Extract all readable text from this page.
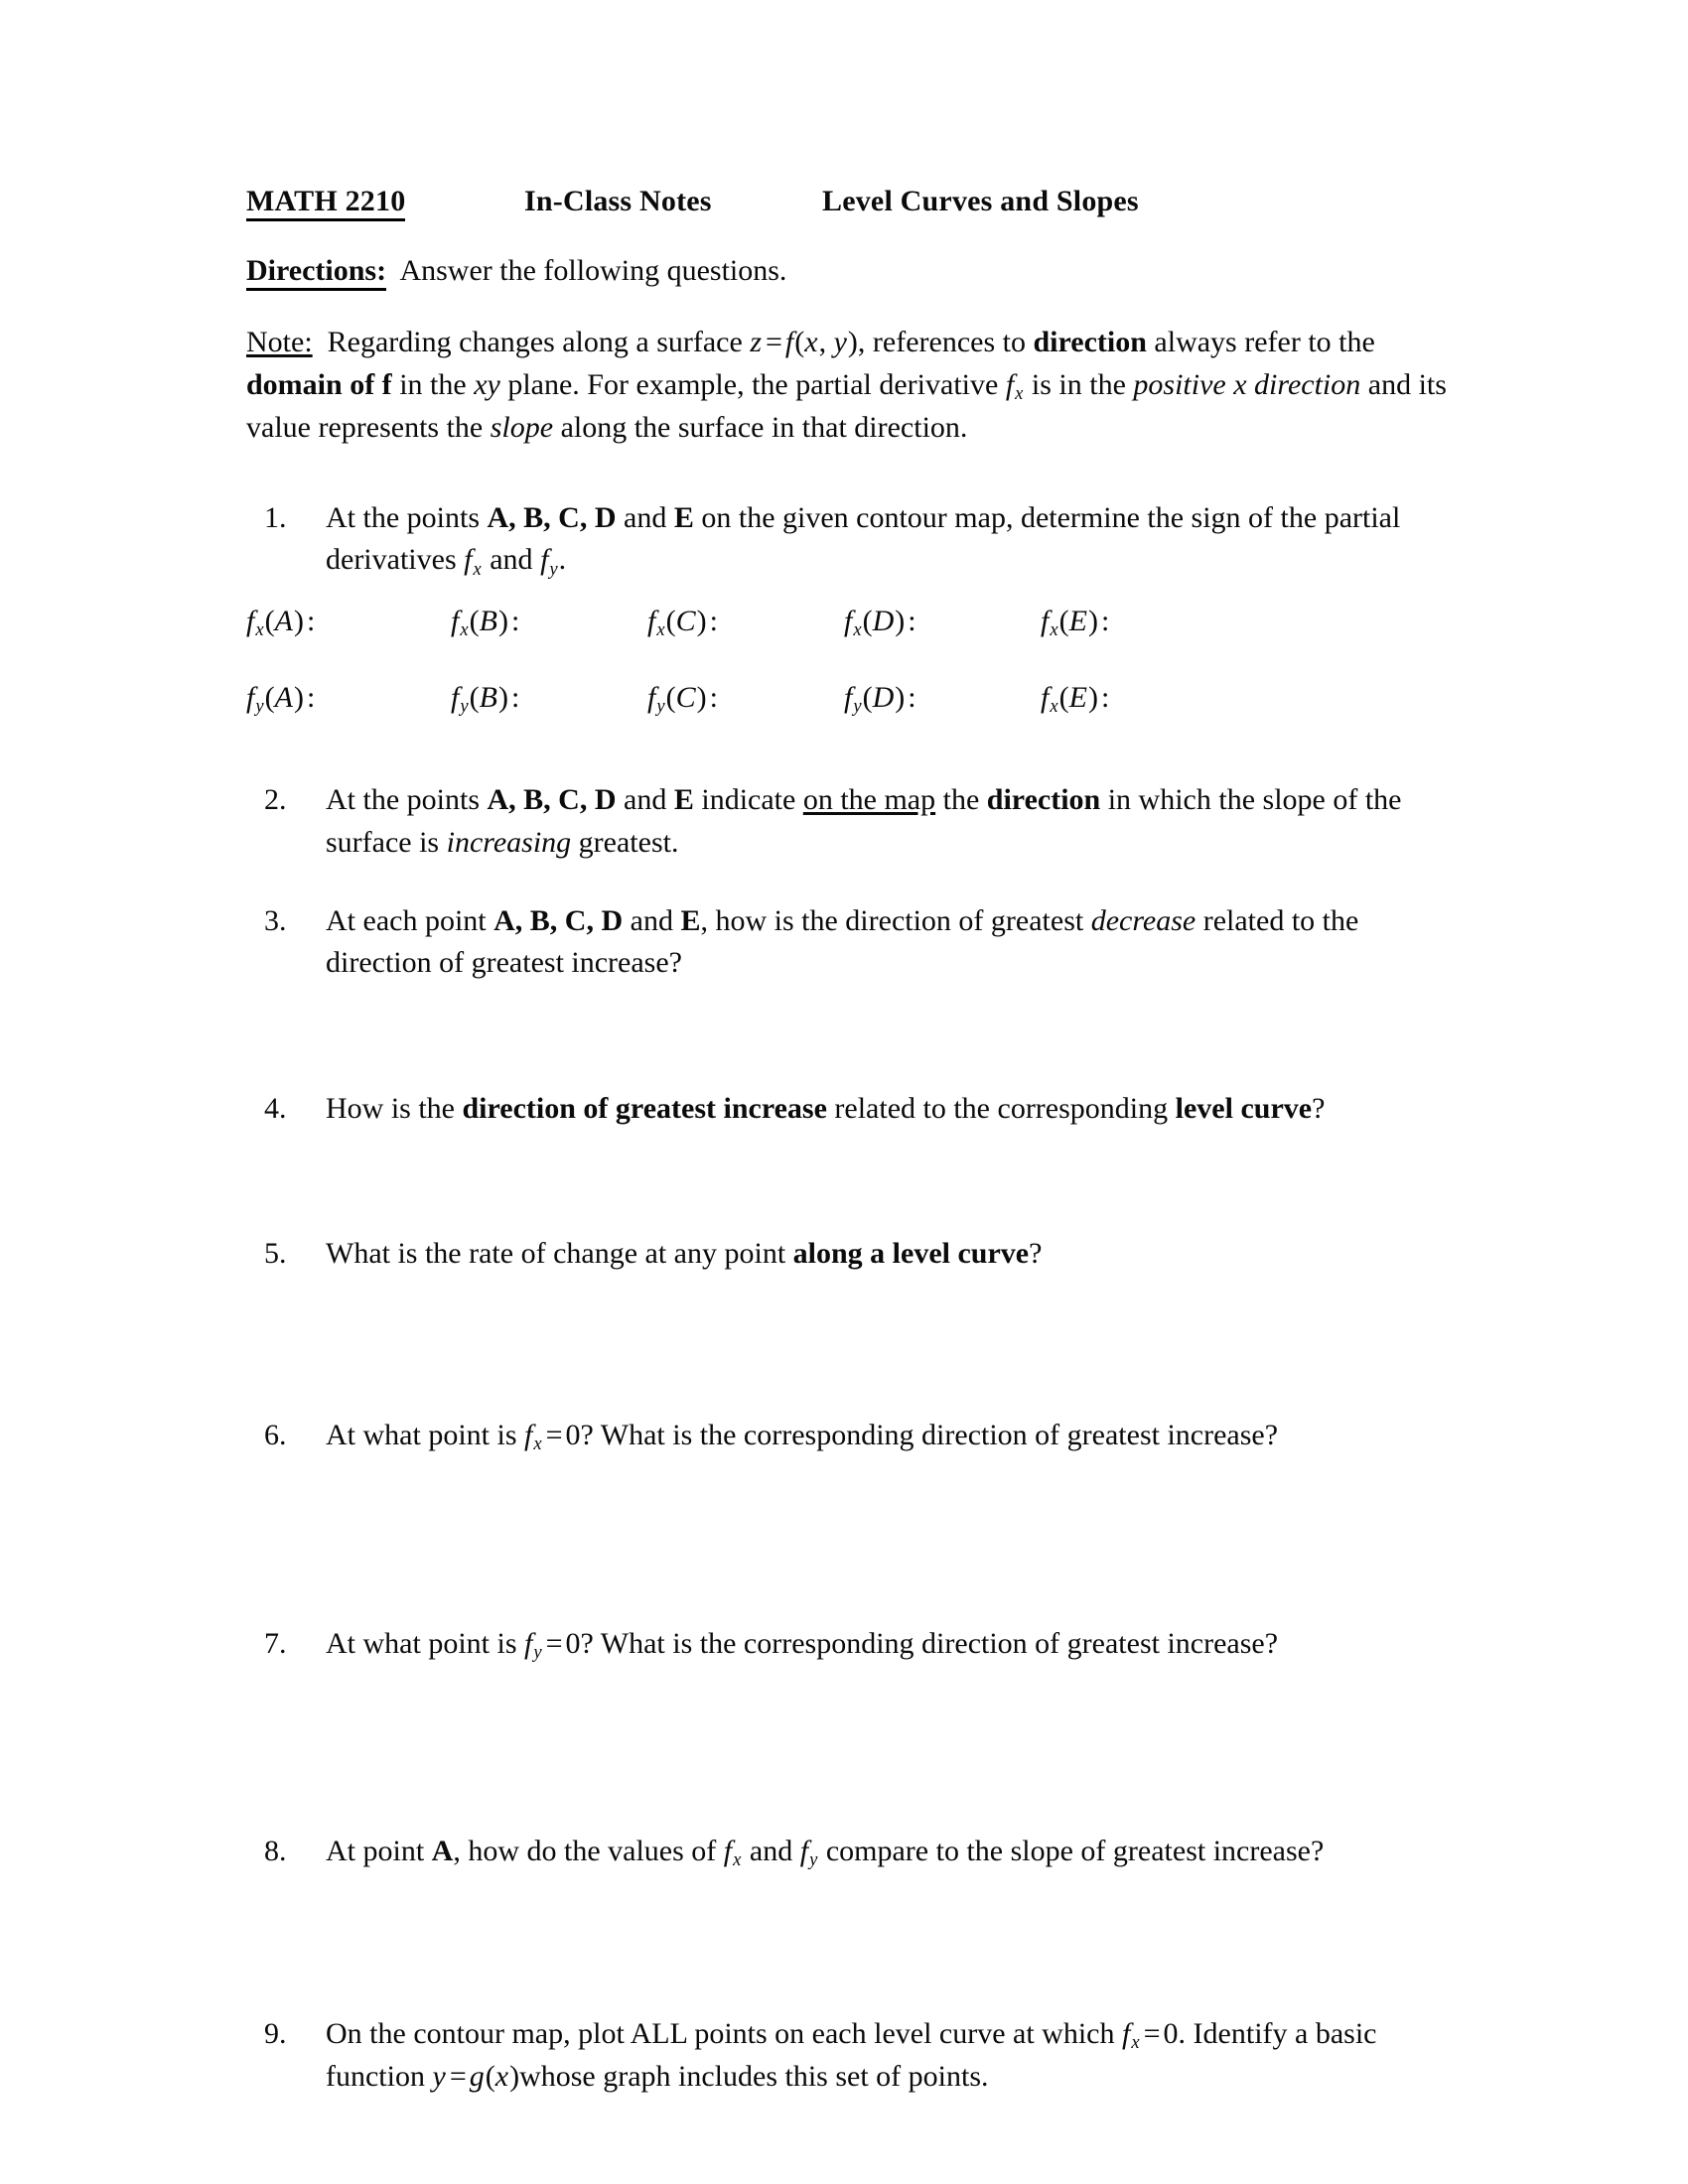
MATH 2210	In-Class Notes	Level Curves and Slopes
Directions: Answer the following questions.
Note: Regarding changes along a surface z = f(x, y), references to direction always refer to the domain of f in the xy plane. For example, the partial derivative $f_x$ is in the positive x direction and its value represents the slope along the surface in that direction.
1.	At the points A, B, C, D and E on the given contour map, determine the sign of the partial derivatives $f_x$ and $f_y$.
$f_x(A)$ :	$f_x(B)$ :	$f_x(C)$ :	$f_x(D)$ :	$f_x(E)$ :
$f_y(A)$ :	$f_y(B)$ :	$f_y(C)$ :	$f_y(D)$ :	$f_x(E)$ :
2.	At the points A, B, C, D and E indicate on the map the direction in which the slope of the surface is increasing greatest.
3.	At each point A, B, C, D and E, how is the direction of greatest decrease related to the direction of greatest increase?
4.	How is the direction of greatest increase related to the corresponding level curve?
5.	What is the rate of change at any point along a level curve?
6.	At what point is $f_x = 0$? What is the corresponding direction of greatest increase?
7.	At what point is $f_y = 0$? What is the corresponding direction of greatest increase?
8.	At point A, how do the values of $f_x$ and $f_y$ compare to the slope of greatest increase?
9.	On the contour map, plot ALL points on each level curve at which $f_x = 0$. Identify a basic function y = g(x)whose graph includes this set of points.
